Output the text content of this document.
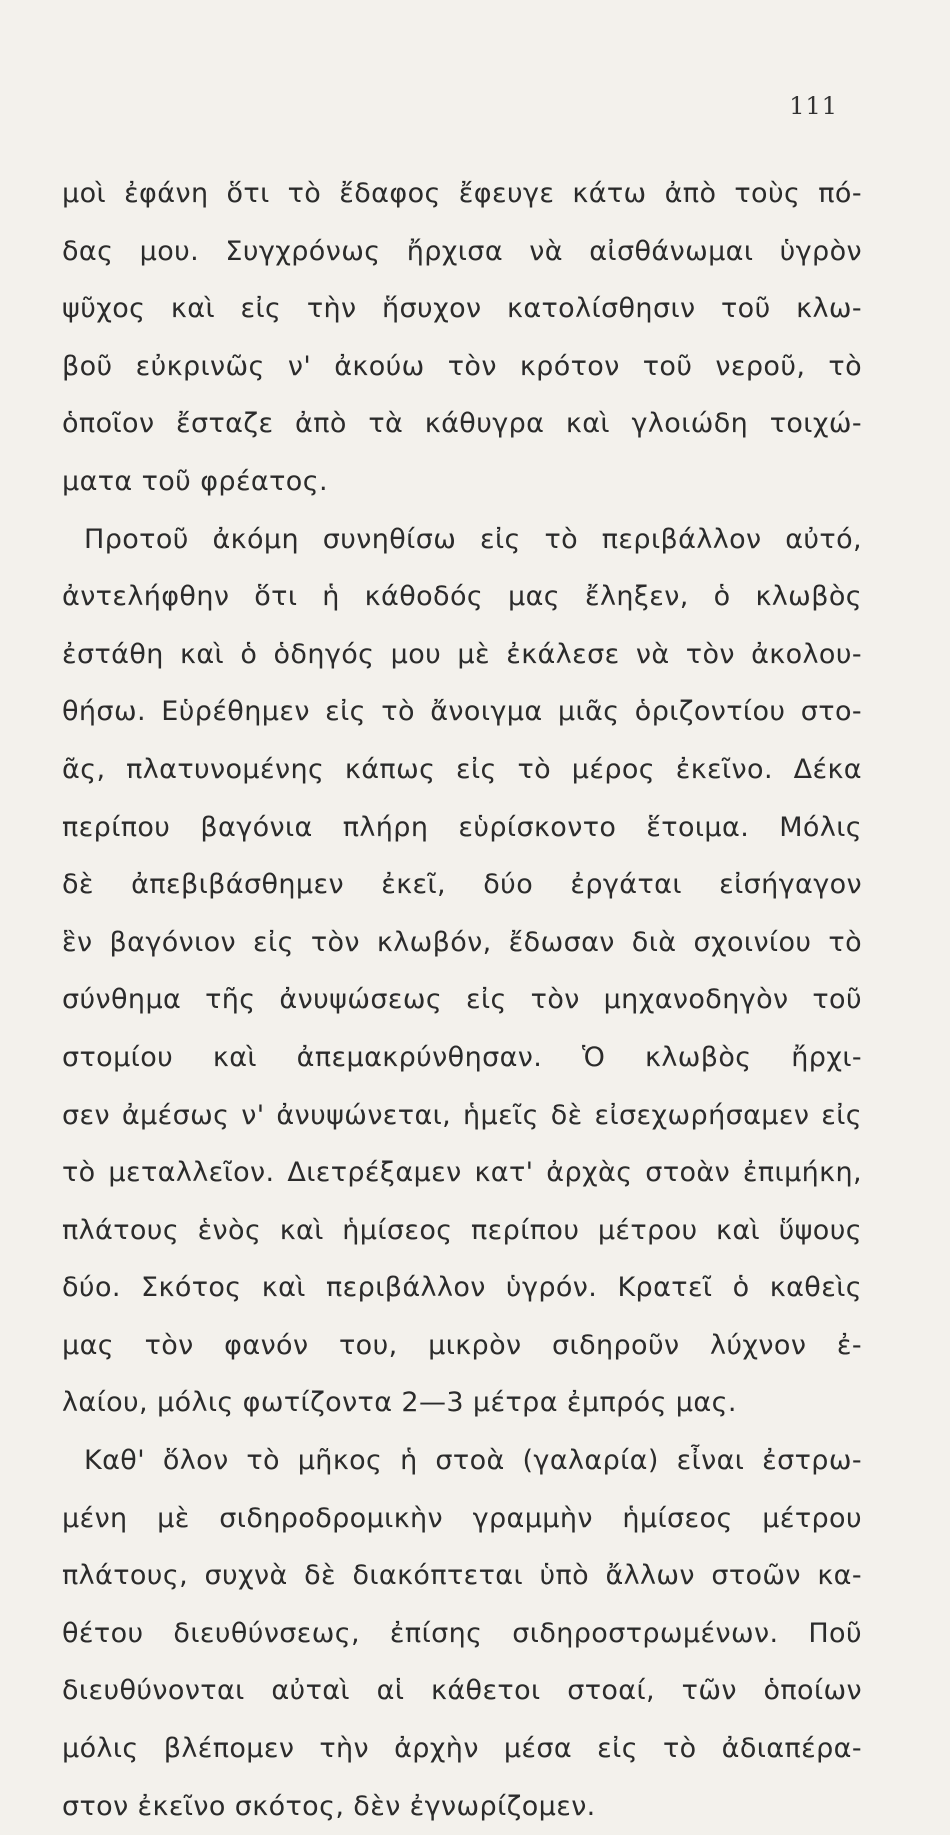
111
μοὶ ἐφάνη ὅτι τὸ ἔδαφος ἔφευγε κάτω ἀπὸ τοὺς πό-
δας μου. Συγχρόνως ἤρχισα νὰ αἰσθάνωμαι ὑγρὸν
ψῦχος καὶ εἰς τὴν ἥσυχον κατολίσθησιν τοῦ κλω-
βοῦ εὐκρινῶς ν' ἀκούω τὸν κρότον τοῦ νεροῦ, τὸ
ὁποῖον ἔσταζε ἀπὸ τὰ κάθυγρα καὶ γλοιώδη τοιχώ-
ματα τοῦ φρέατος.
Προτοῦ ἀκόμη συνηθίσω εἰς τὸ περιβάλλον αὐτό,
ἀντελήφθην ὅτι ἡ κάθοδός μας ἔληξεν, ὁ κλωβὸς
ἐστάθη καὶ ὁ ὁδηγός μου μὲ ἐκάλεσε νὰ τὸν ἀκολου-
θήσω. Εὑρέθημεν εἰς τὸ ἄνοιγμα μιᾶς ὁριζοντίου στο-
ᾶς, πλατυνομένης κάπως εἰς τὸ μέρος ἐκεῖνο. Δέκα
περίπου βαγόνια πλήρη εὑρίσκοντο ἕτοιμα. Μόλις
δὲ ἀπεβιβάσθημεν ἐκεῖ, δύο ἐργάται εἰσήγαγον
ἓν βαγόνιον εἰς τὸν κλωβόν, ἔδωσαν διὰ σχοινίου τὸ
σύνθημα τῆς ἀνυψώσεως εἰς τὸν μηχανοδηγὸν τοῦ
στομίου καὶ ἀπεμακρύνθησαν. Ὁ κλωβὸς ἤρχι-
σεν ἀμέσως ν' ἀνυψώνεται, ἡμεῖς δὲ εἰσεχωρήσαμεν εἰς
τὸ μεταλλεῖον. Διετρέξαμεν κατ' ἀρχὰς στοὰν ἐπιμήκη,
πλάτους ἑνὸς καὶ ἡμίσεος περίπου μέτρου καὶ ὕψους
δύο. Σκότος καὶ περιβάλλον ὑγρόν. Κρατεῖ ὁ καθεὶς
μας τὸν φανόν του, μικρὸν σιδηροῦν λύχνον ἐ-
λαίου, μόλις φωτίζοντα 2—3 μέτρα ἐμπρός μας.
Καθ' ὅλον τὸ μῆκος ἡ στοὰ (γαλαρία) εἶναι ἐστρω-
μένη μὲ σιδηροδρομικὴν γραμμὴν ἡμίσεος μέτρου
πλάτους, συχνὰ δὲ διακόπτεται ὑπὸ ἄλλων στοῶν κα-
θέτου διευθύνσεως, ἐπίσης σιδηροστρωμένων. Ποῦ
διευθύνονται αὐταὶ αἱ κάθετοι στοαί, τῶν ὁποίων
μόλις βλέπομεν τὴν ἀρχὴν μέσα εἰς τὸ ἀδιαπέρα-
στον ἐκεῖνο σκότος, δὲν ἐγνωρίζομεν.
